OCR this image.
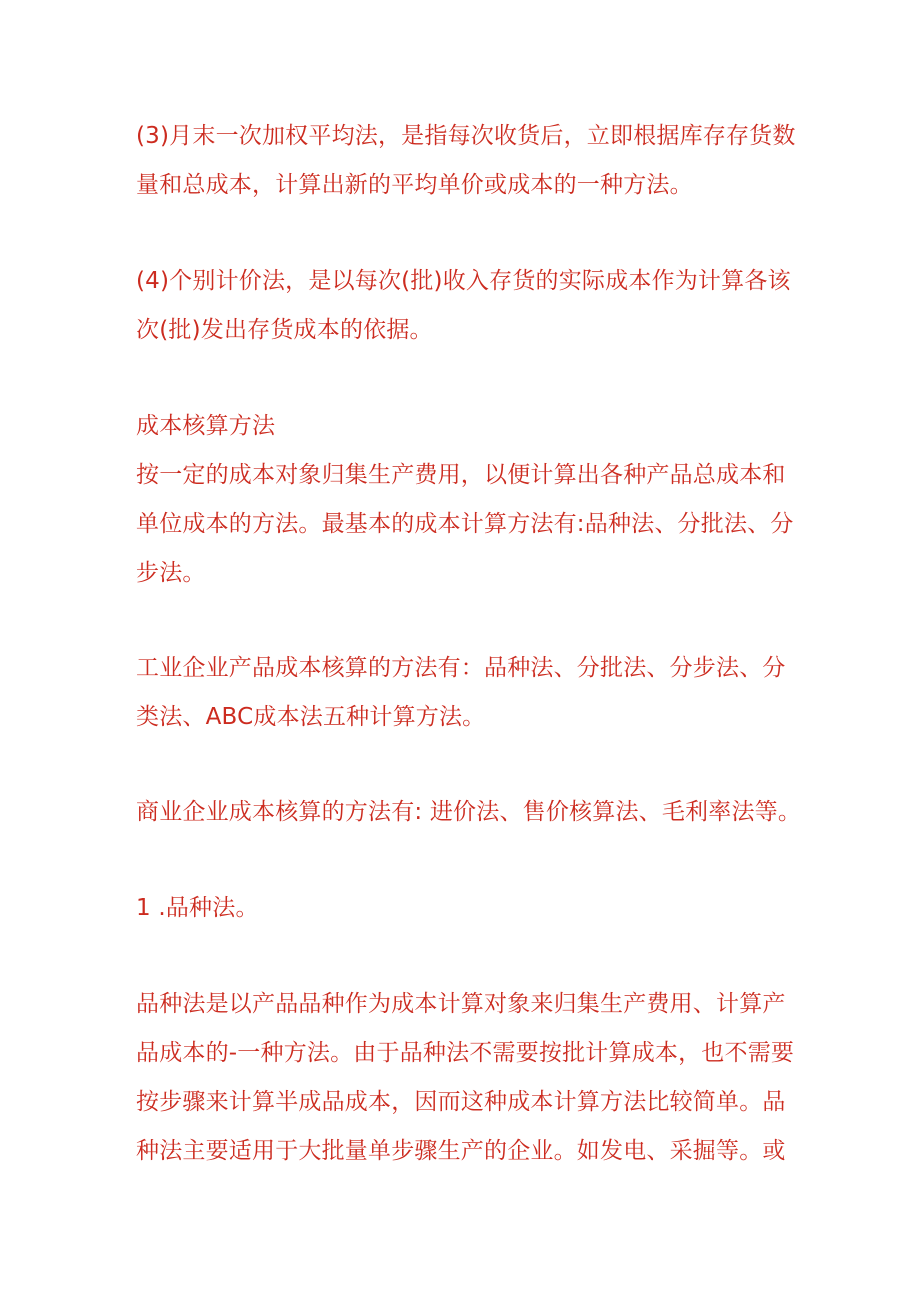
(3)月末一次加权平均法，是指每次收货后，立即根据库存存货数
量和总成本，计算出新的平均单价或成本的一种方法。
(4)个别计价法，是以每次(批)收入存货的实际成本作为计算各该
次(批)发出存货成本的依据。
成本核算方法
按一定的成本对象归集生产费用，以便计算出各种产品总成本和
单位成本的方法。最基本的成本计算方法有:品种法、分批法、分
步法。
工业企业产品成本核算的方法有：品种法、分批法、分步法、分
类法、ABC成本法五种计算方法。
商业企业成本核算的方法有: 进价法、售价核算法、毛利率法等。
1 .品种法。
品种法是以产品品种作为成本计算对象来归集生产费用、计算产
品成本的-一种方法。由于品种法不需要按批计算成本，也不需要
按步骤来计算半成品成本，因而这种成本计算方法比较简单。品
种法主要适用于大批量单步骤生产的企业。如发电、采掘等。或
